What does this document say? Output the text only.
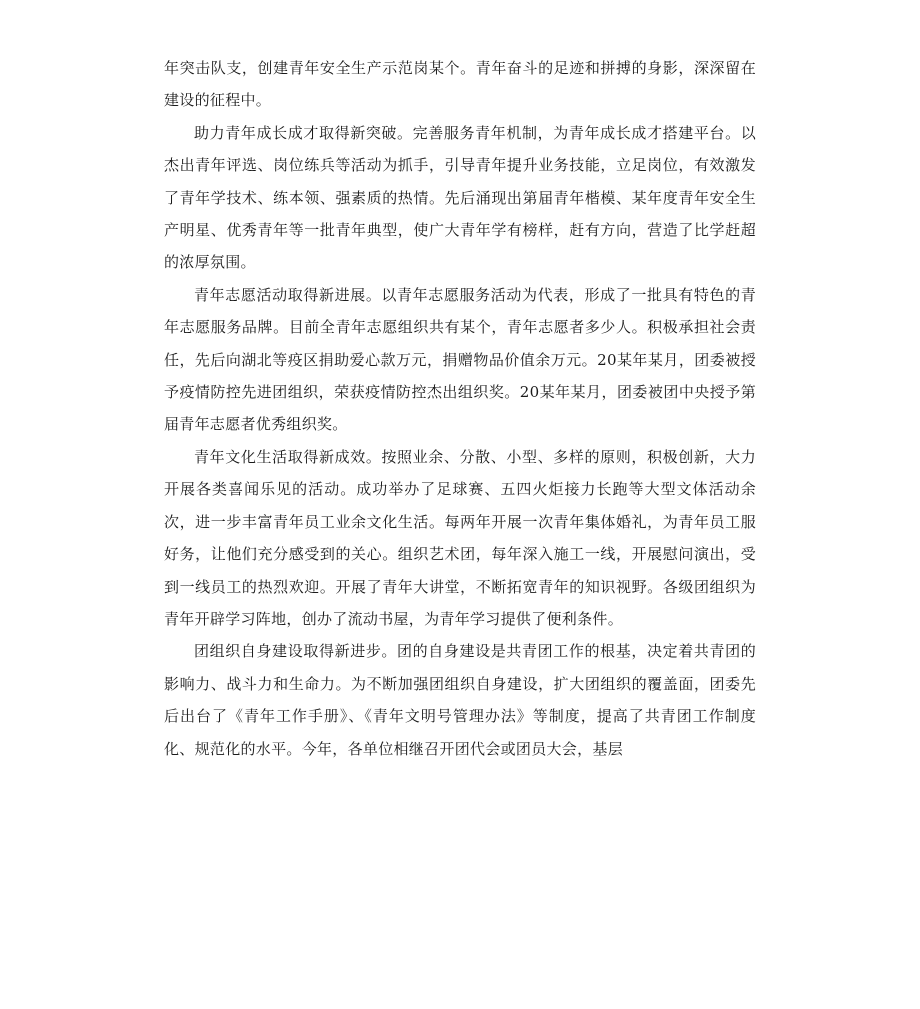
年突击队支，创建青年安全生产示范岗某个。青年奋斗的足迹和拼搏的身影，深深留在建设的征程中。

助力青年成长成才取得新突破。完善服务青年机制，为青年成长成才搭建平台。以杰出青年评选、岗位练兵等活动为抓手，引导青年提升业务技能，立足岗位，有效激发了青年学技术、练本领、强素质的热情。先后涌现出第届青年楷模、某年度青年安全生产明星、优秀青年等一批青年典型，使广大青年学有榜样，赶有方向，营造了比学赶超的浓厚氛围。

青年志愿活动取得新进展。以青年志愿服务活动为代表，形成了一批具有特色的青年志愿服务品牌。目前全青年志愿组织共有某个，青年志愿者多少人。积极承担社会责任，先后向湖北等疫区捐助爱心款万元，捐赠物品价值余万元。20某年某月，团委被授予疫情防控先进团组织，荣获疫情防控杰出组织奖。20某年某月，团委被团中央授予第届青年志愿者优秀组织奖。

青年文化生活取得新成效。按照业余、分散、小型、多样的原则，积极创新，大力开展各类喜闻乐见的活动。成功举办了足球赛、五四火炬接力长跑等大型文体活动余次，进一步丰富青年员工业余文化生活。每两年开展一次青年集体婚礼，为青年员工服好务，让他们充分感受到的关心。组织艺术团，每年深入施工一线，开展慰问演出，受到一线员工的热烈欢迎。开展了青年大讲堂，不断拓宽青年的知识视野。各级团组织为青年开辟学习阵地，创办了流动书屋，为青年学习提供了便利条件。

团组织自身建设取得新进步。团的自身建设是共青团工作的根基，决定着共青团的影响力、战斗力和生命力。为不断加强团组织自身建设，扩大团组织的覆盖面，团委先后出台了《青年工作手册》、《青年文明号管理办法》等制度，提高了共青团工作制度化、规范化的水平。今年，各单位相继召开团代会或团员大会，基层
